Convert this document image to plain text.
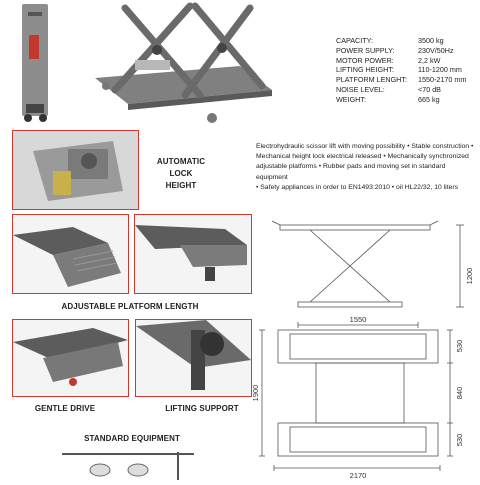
CAPACITY:	3500 kg
POWER SUPPLY:	230V/50Hz
MOTOR POWER:	2,2 kW
LIFTING HEIGHT:	110-1200 mm
PLATFORM LENGHT:	1550-2170 mm
NOISE LEVEL:	<70 dB
WEIGHT:	665 kg
AUTOMATIC
LOCK
HEIGHT
Electrohydraulic scissor lift with moving possibility • Stable construction •
Mechanical height lock electrical released • Mechanically synchronized
adjustable platforms • Rubber pads and moving set in standard equipment
• Safety appliances in order to EN1493:2010 • oil HL22/32, 10 liters
ADJUSTABLE PLATFORM LENGTH
GENTLE DRIVE	LIFTING SUPPORT
STANDARD EQUIPMENT
1200
1550
530
840
530
1900
2170
